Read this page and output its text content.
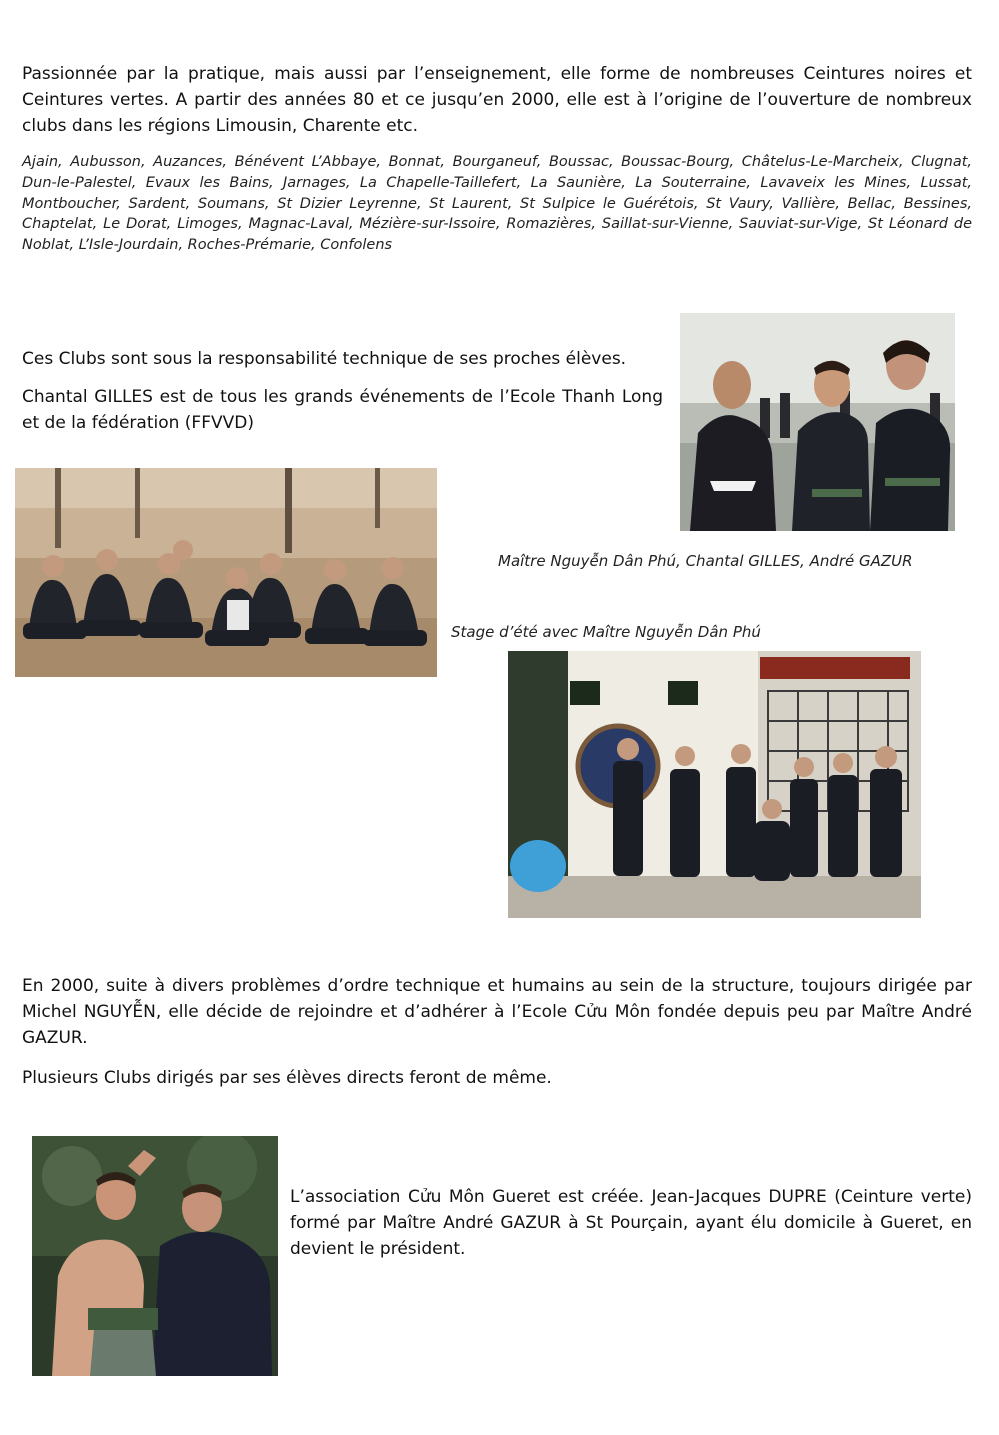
Passionnée par la pratique, mais aussi par l’enseignement, elle forme de nombreuses Ceintures noires et Ceintures vertes. A partir des années 80 et ce jusqu’en 2000, elle est à l’origine de l’ouverture de nombreux clubs dans les régions Limousin, Charente etc.

Ajain, Aubusson, Auzances, Bénévent L’Abbaye, Bonnat, Bourganeuf, Boussac, Boussac-Bourg, Châtelus-Le-Marcheix, Clugnat, Dun-le-Palestel, Evaux les Bains, Jarnages, La Chapelle-Taillefert, La Saunière, La Souterraine, Lavaveix les Mines, Lussat, Montboucher, Sardent, Soumans, St Dizier Leyrenne, St Laurent, St Sulpice le Guérétois, St Vaury, Vallière, Bellac, Bessines, Chaptelat, Le Dorat, Limoges, Magnac-Laval, Mézière-sur-Issoire, Romazières, Saillat-sur-Vienne, Sauviat-sur-Vige, St Léonard de Noblat, L’Isle-Jourdain, Roches-Prémarie, Confolens

Ces Clubs sont sous la responsabilité technique de ses proches élèves.

Chantal GILLES est de tous les grands événements de l’Ecole Thanh Long et de la fédération (FFVVD)

Maître Nguyễn Dân Phú, Chantal GILLES, André GAZUR

Stage d’été avec Maître Nguyễn Dân Phú

En 2000, suite à divers problèmes d’ordre technique et humains au sein de la structure, toujours dirigée par Michel NGUYỄN, elle décide de rejoindre et d’adhérer à l’Ecole Cửu Môn fondée depuis peu par Maître André GAZUR.

Plusieurs Clubs dirigés par ses élèves directs feront de même.

L’association Cửu Môn Gueret est créée. Jean-Jacques DUPRE (Ceinture verte) formé par Maître André GAZUR à St Pourçain, ayant élu domicile à Gueret, en devient le président.
